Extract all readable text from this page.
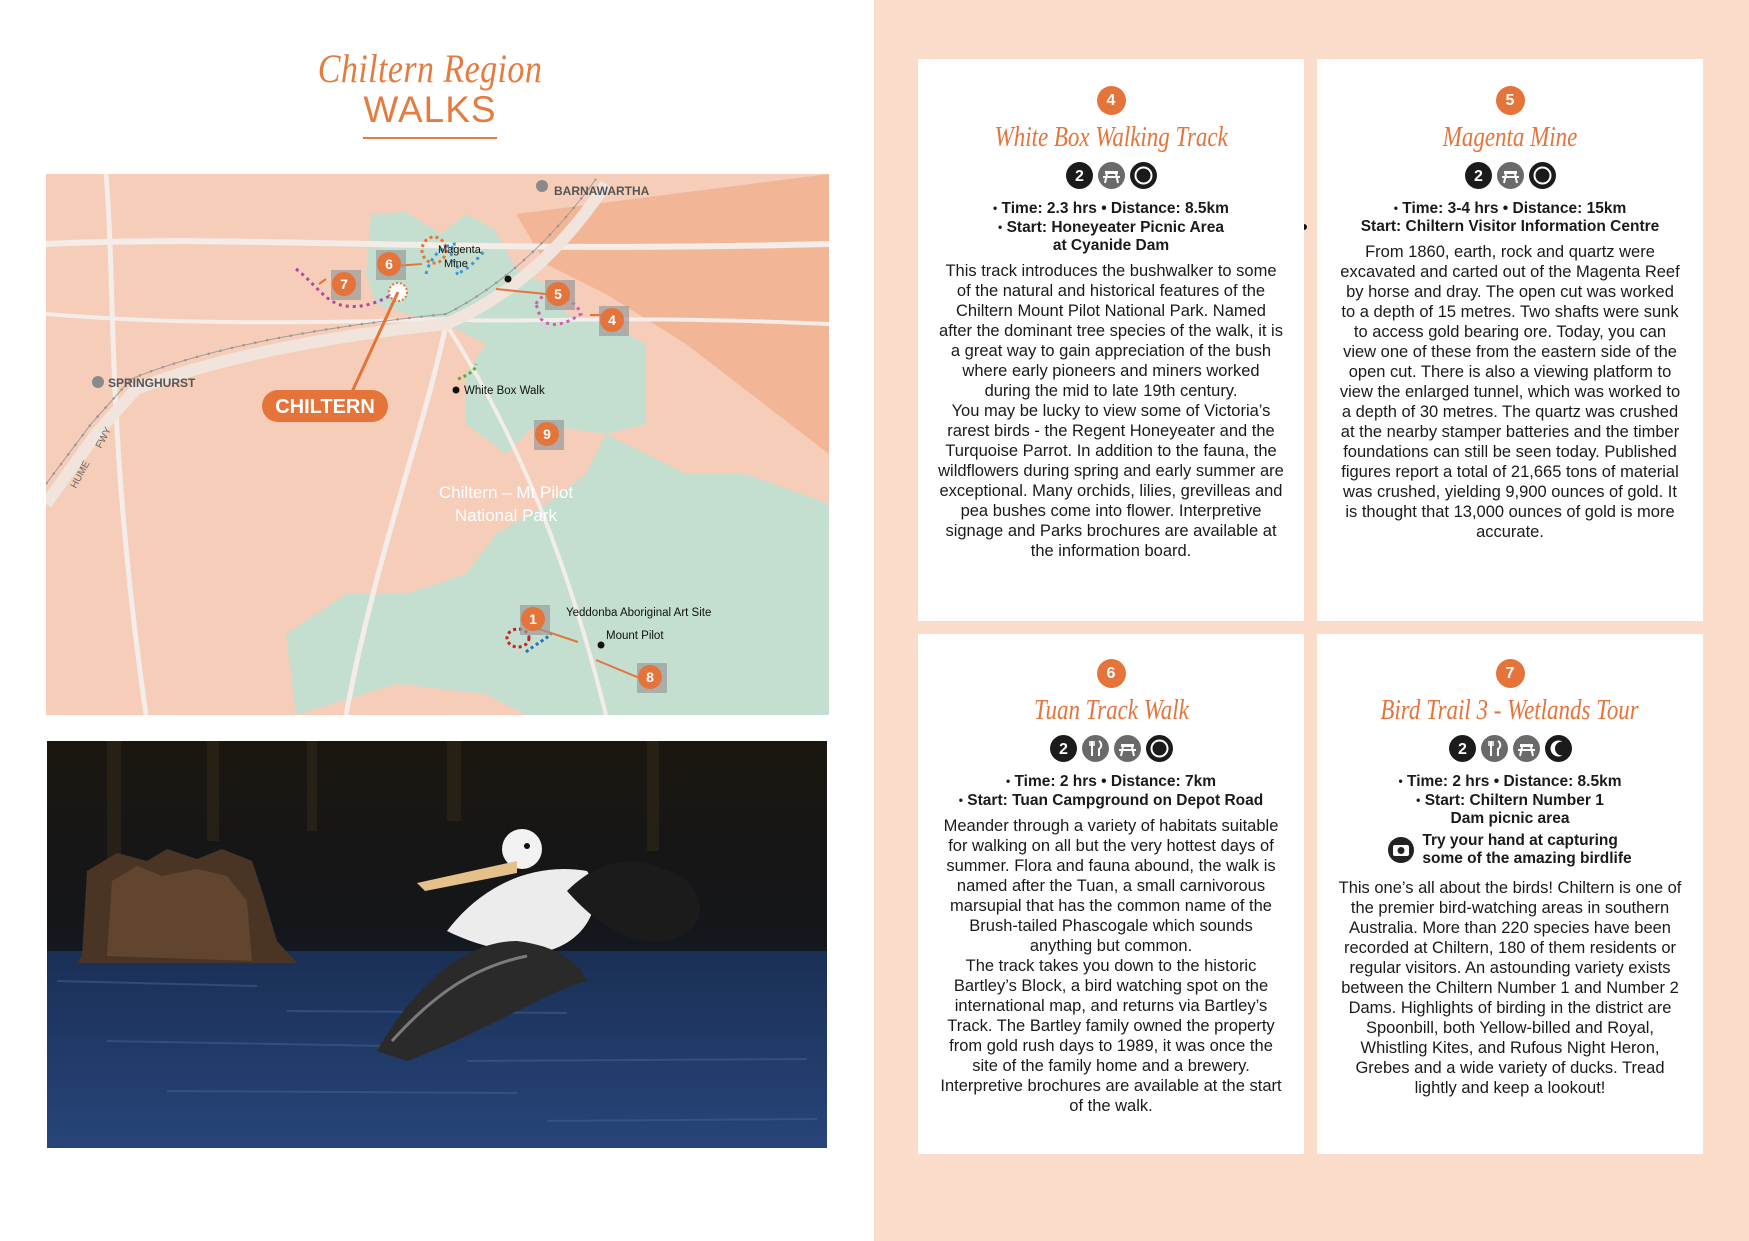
Chiltern Region
WALKS
CHILTERN
BARNAWARTHA
SPRINGHURST
HUME
FWY
Chiltern – Mt Pilot
National Park
Magenta
Mine
White Box Walk
Yeddonba Aboriginal Art Site
Mount Pilot
7
6
5
4
9
1
8
4
White Box Walking Track
2
• Time: 2.3 hrs • Distance: 8.5km
• Start: Honeyeater Picnic Area
at Cyanide Dam
This track introduces the bushwalker to some of the natural and historical features of the Chiltern Mount Pilot National Park. Named after the dominant tree species of the walk, it is a great way to gain appreciation of the bush where early pioneers and miners worked during the mid to late 19th century.
You may be lucky to view some of Victoria’s rarest birds - the Regent Honeyeater and the Turquoise Parrot. In addition to the fauna, the wildflowers during spring and early summer are exceptional. Many orchids, lilies, grevilleas and pea bushes come into flower. Interpretive signage and Parks brochures are available at the information board.
5
Magenta Mine
2
• Time: 3-4 hrs • Distance: 15km
Start: Chiltern Visitor Information Centre
From 1860, earth, rock and quartz were excavated and carted out of the Magenta Reef by horse and dray. The open cut was worked to a depth of 15 metres. Two shafts were sunk to access gold bearing ore. Today, you can view one of these from the eastern side of the open cut. There is also a viewing platform to view the enlarged tunnel, which was worked to a depth of 30 metres. The quartz was crushed at the nearby stamper batteries and the timber foundations can still be seen today. Published figures report a total of 21,665 tons of material was crushed, yielding 9,900 ounces of gold. It is thought that 13,000 ounces of gold is more accurate.
6
Tuan Track Walk
2
• Time: 2 hrs • Distance: 7km
• Start: Tuan Campground on Depot Road
Meander through a variety of habitats suitable for walking on all but the very hottest days of summer. Flora and fauna abound, the walk is named after the Tuan, a small carnivorous marsupial that has the common name of the Brush-tailed Phascogale which sounds anything but common.
The track takes you down to the historic Bartley’s Block, a bird watching spot on the international map, and returns via Bartley’s Track. The Bartley family owned the property from gold rush days to 1989, it was once the site of the family home and a brewery. Interpretive brochures are available at the start of the walk.
7
Bird Trail 3 - Wetlands Tour
2
• Time: 2 hrs • Distance: 8.5km
• Start: Chiltern Number 1
Dam picnic area
Try your hand at capturing
some of the amazing birdlife
This one’s all about the birds! Chiltern is one of the premier bird-watching areas in southern Australia. More than 220 species have been recorded at Chiltern, 180 of them residents or regular visitors. An astounding variety exists between the Chiltern Number 1 and Number 2 Dams. Highlights of birding in the district are Spoonbill, both Yellow-billed and Royal, Whistling Kites, and Rufous Night Heron, Grebes and a wide variety of ducks. Tread lightly and keep a lookout!
